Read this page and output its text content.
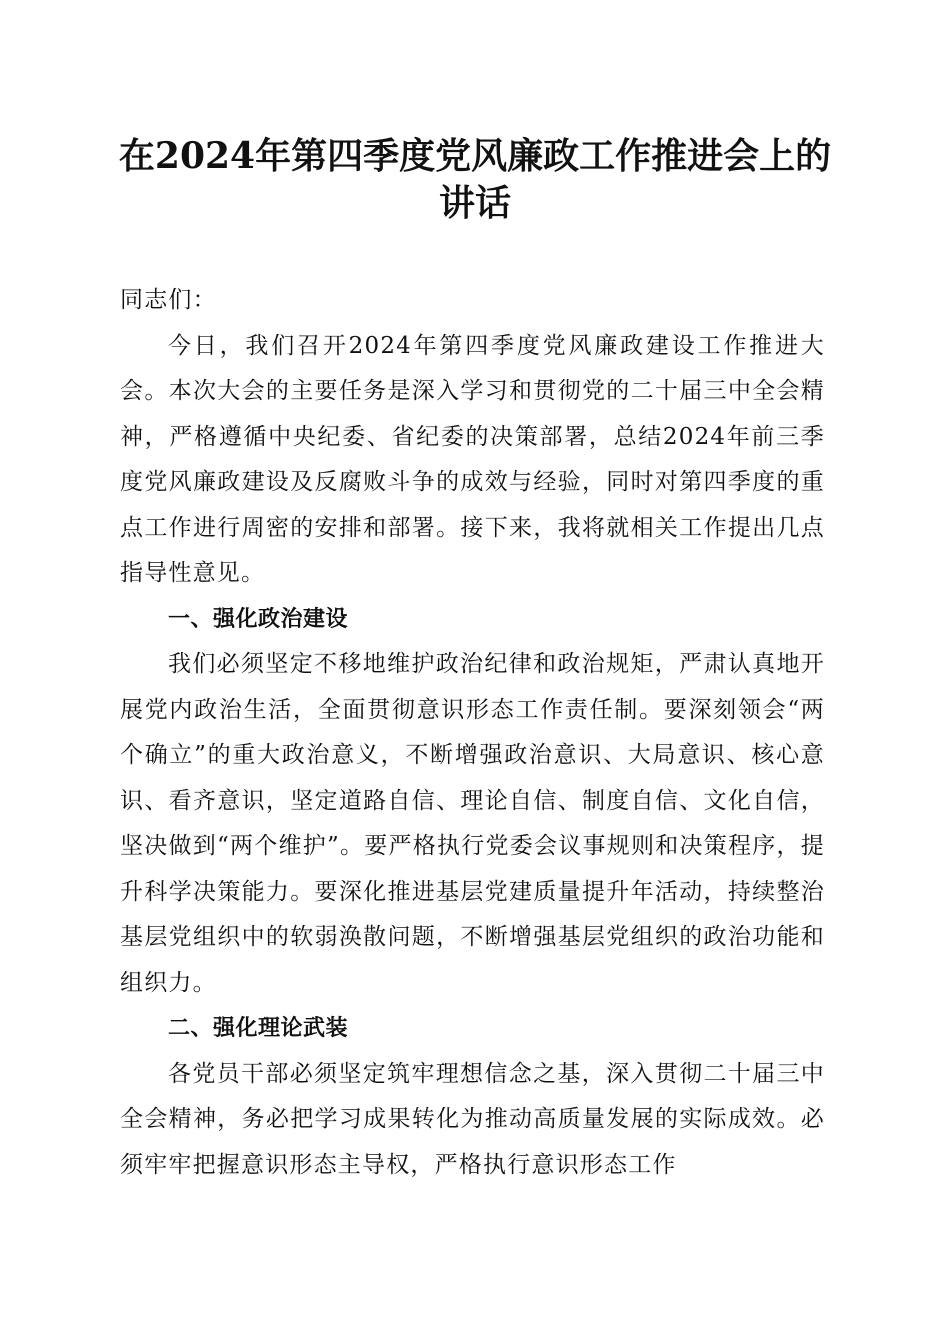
在2024年第四季度党风廉政工作推进会上的
讲话

同志们：

今日，我们召开2024年第四季度党风廉政建设工作推进大会。本次大会的主要任务是深入学习和贯彻党的二十届三中全会精神，严格遵循中央纪委、省纪委的决策部署，总结2024年前三季度党风廉政建设及反腐败斗争的成效与经验，同时对第四季度的重点工作进行周密的安排和部署。接下来，我将就相关工作提出几点指导性意见。

一、强化政治建设

我们必须坚定不移地维护政治纪律和政治规矩，严肃认真地开展党内政治生活，全面贯彻意识形态工作责任制。要深刻领会“两个确立”的重大政治意义，不断增强政治意识、大局意识、核心意识、看齐意识，坚定道路自信、理论自信、制度自信、文化自信，坚决做到“两个维护”。要严格执行党委会议事规则和决策程序，提升科学决策能力。要深化推进基层党建质量提升年活动，持续整治基层党组织中的软弱涣散问题，不断增强基层党组织的政治功能和组织力。

二、强化理论武装

各党员干部必须坚定筑牢理想信念之基，深入贯彻二十届三中全会精神，务必把学习成果转化为推动高质量发展的实际成效。必须牢牢把握意识形态主导权，严格执行意识形态工作
